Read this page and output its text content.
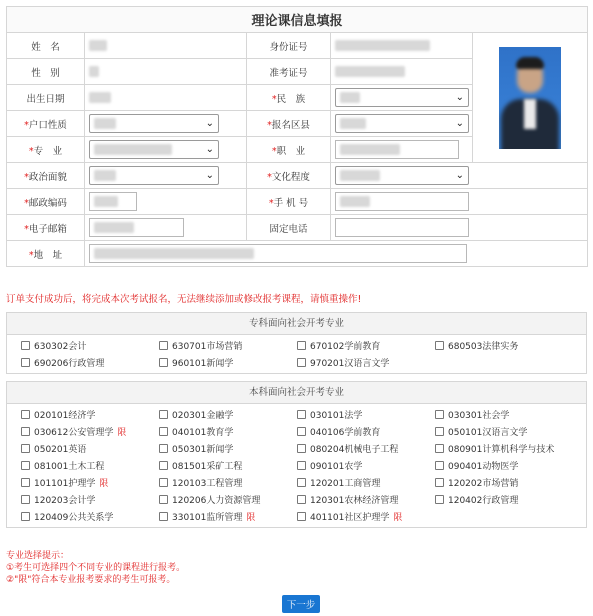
理论课信息填报				
姓　名		身份证号		

性　别		准考证号		
出生日期		*民　族	⌄	

*户口性质	⌄	*报名区县	⌄	

*专　业	⌄	*职　业		

*政治面貌	⌄	*文化程度	⌄	

*邮政编码		*手 机 号		

*电子邮箱		固定电话		
*地　址				
订单支付成功后，将完成本次考试报名，无法继续添加或修改报考课程，请慎重操作!
专科面向社会开考专业
630302会计	630701市场营销	670102学前教育	680503法律实务
690206行政管理	960101新闻学	970201汉语言文学
本科面向社会开考专业
020101经济学	020301金融学	030101法学	030301社会学
030612公安管理学 限	040101教育学	040106学前教育	050101汉语言文学
050201英语	050301新闻学	080204机械电子工程	080901计算机科学与技术
081001土木工程	081501采矿工程	090101农学	090401动物医学
101101护理学 限	120103工程管理	120201工商管理	120202市场营销
120203会计学	120206人力资源管理	120301农林经济管理	120402行政管理
120409公共关系学	330101监所管理 限	401101社区护理学 限
专业选择提示：
①考生可选择四个不同专业的课程进行报考。
②"限"符合本专业报考要求的考生可报考。
下一步
